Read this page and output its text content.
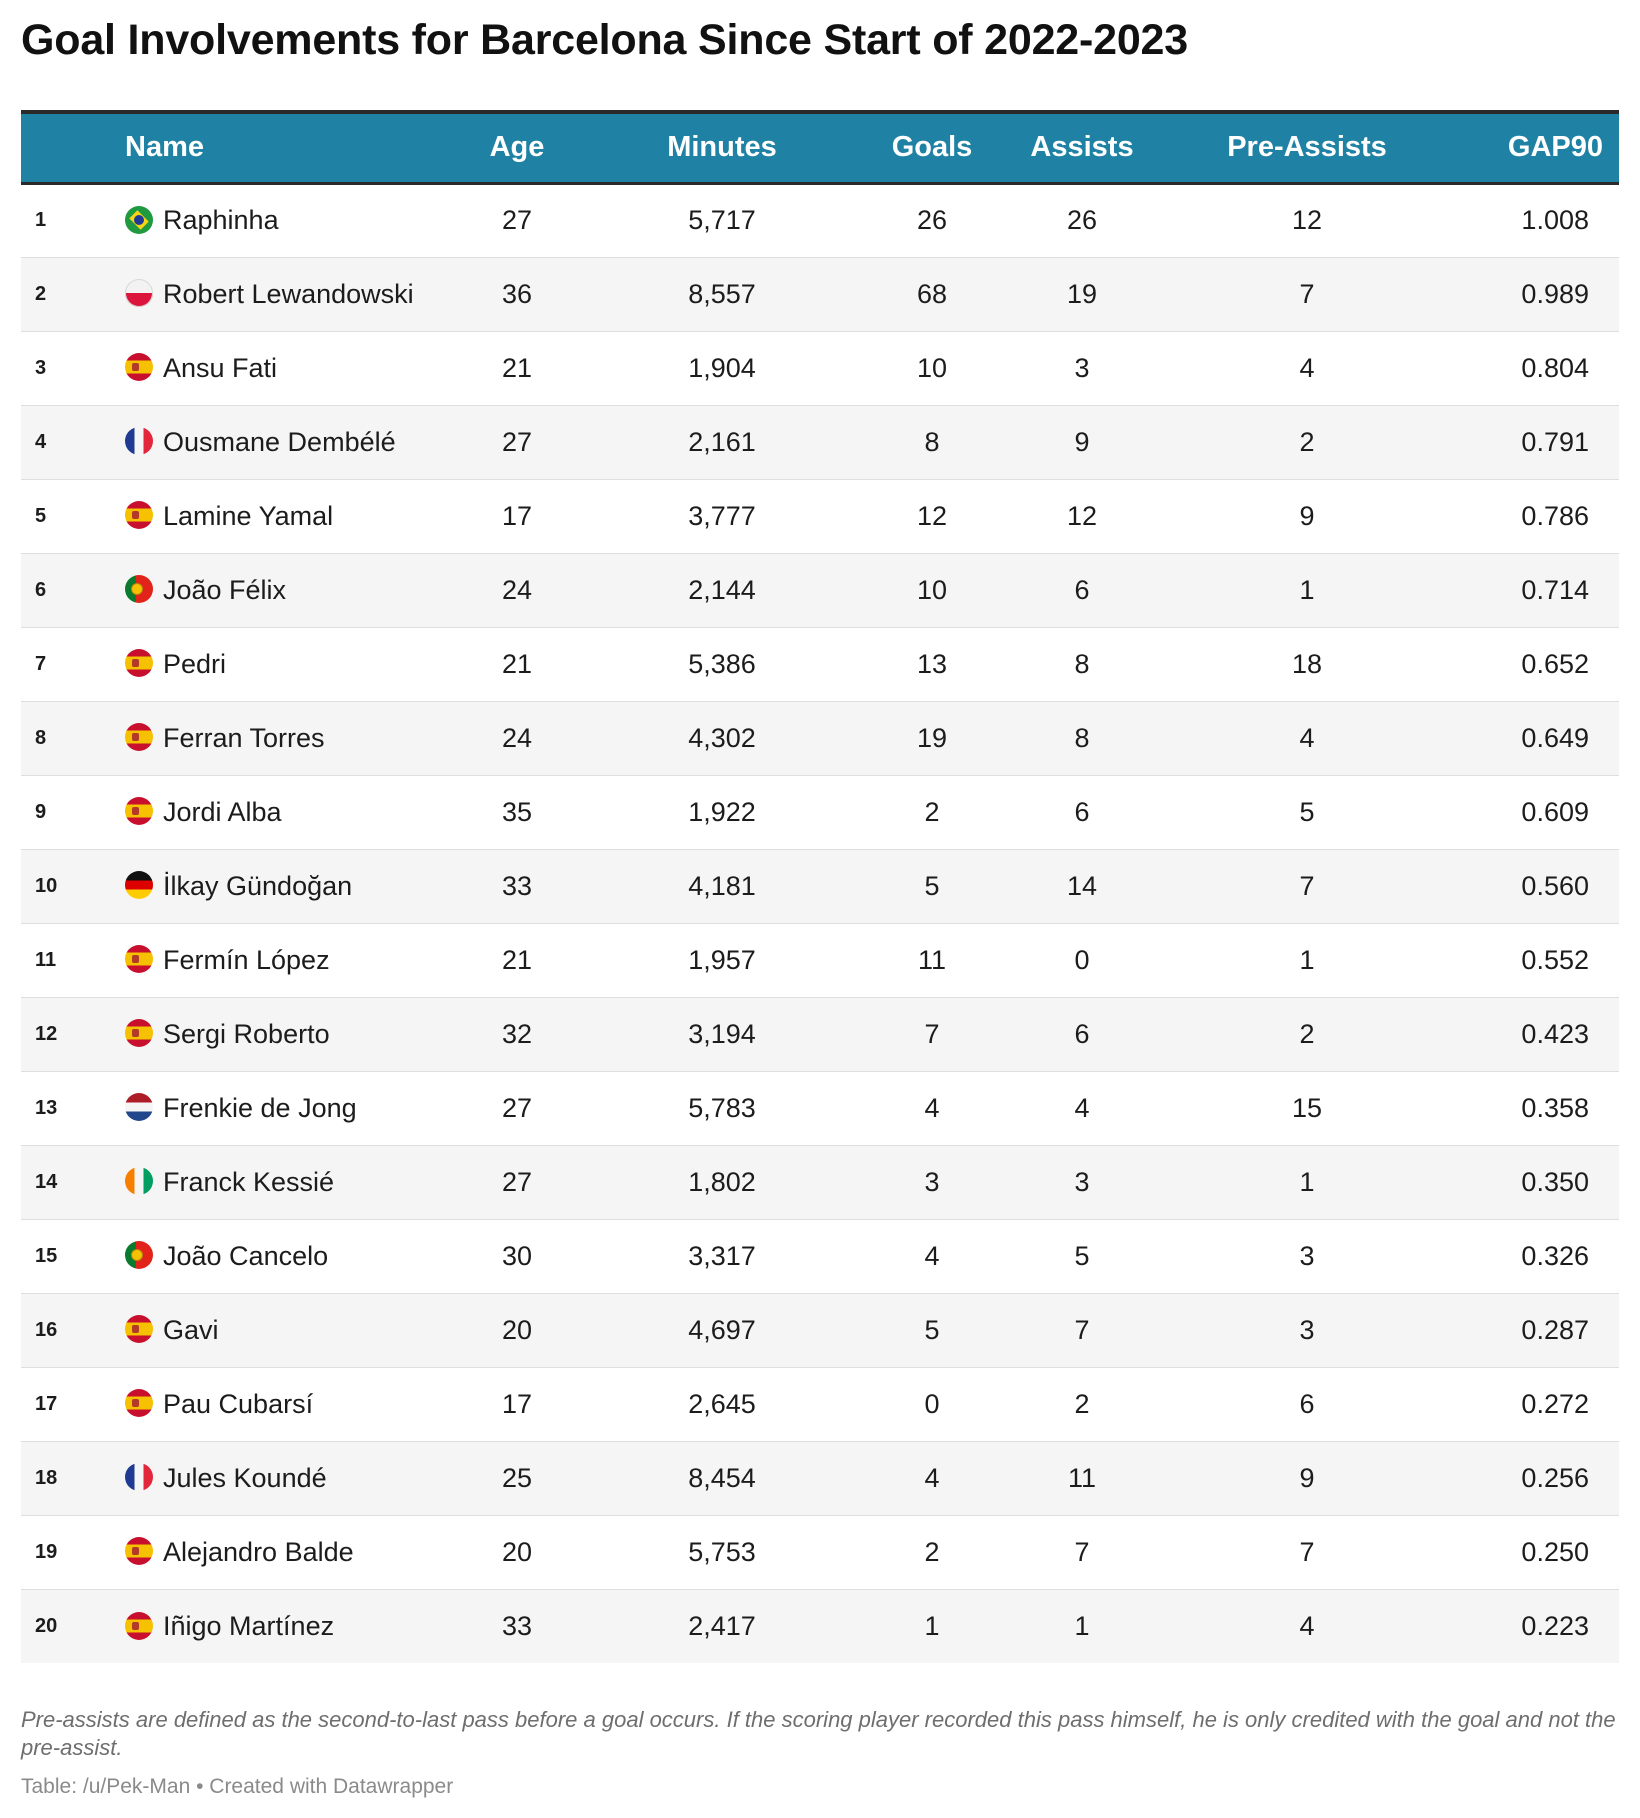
Goal Involvements for Barcelona Since Start of 2022-2023
	Name	Age	Minutes	Goals	Assists	Pre-Assists	GAP90
1	Raphinha	27	5,717	26	26	12	1.008
2	Robert Lewandowski	36	8,557	68	19	7	0.989
3	Ansu Fati	21	1,904	10	3	4	0.804
4	Ousmane Dembélé	27	2,161	8	9	2	0.791
5	Lamine Yamal	17	3,777	12	12	9	0.786
6	João Félix	24	2,144	10	6	1	0.714
7	Pedri	21	5,386	13	8	18	0.652
8	Ferran Torres	24	4,302	19	8	4	0.649
9	Jordi Alba	35	1,922	2	6	5	0.609
10	İlkay Gündoğan	33	4,181	5	14	7	0.560
11	Fermín López	21	1,957	11	0	1	0.552
12	Sergi Roberto	32	3,194	7	6	2	0.423
13	Frenkie de Jong	27	5,783	4	4	15	0.358
14	Franck Kessié	27	1,802	3	3	1	0.350
15	João Cancelo	30	3,317	4	5	3	0.326
16	Gavi	20	4,697	5	7	3	0.287
17	Pau Cubarsí	17	2,645	0	2	6	0.272
18	Jules Koundé	25	8,454	4	11	9	0.256
19	Alejandro Balde	20	5,753	2	7	7	0.250
20	Iñigo Martínez	33	2,417	1	1	4	0.223
Pre-assists are defined as the second-to-last pass before a goal occurs. If the scoring player recorded this pass himself, he is only credited with the goal and not the pre-assist.
Table: /u/Pek-Man • Created with Datawrapper
